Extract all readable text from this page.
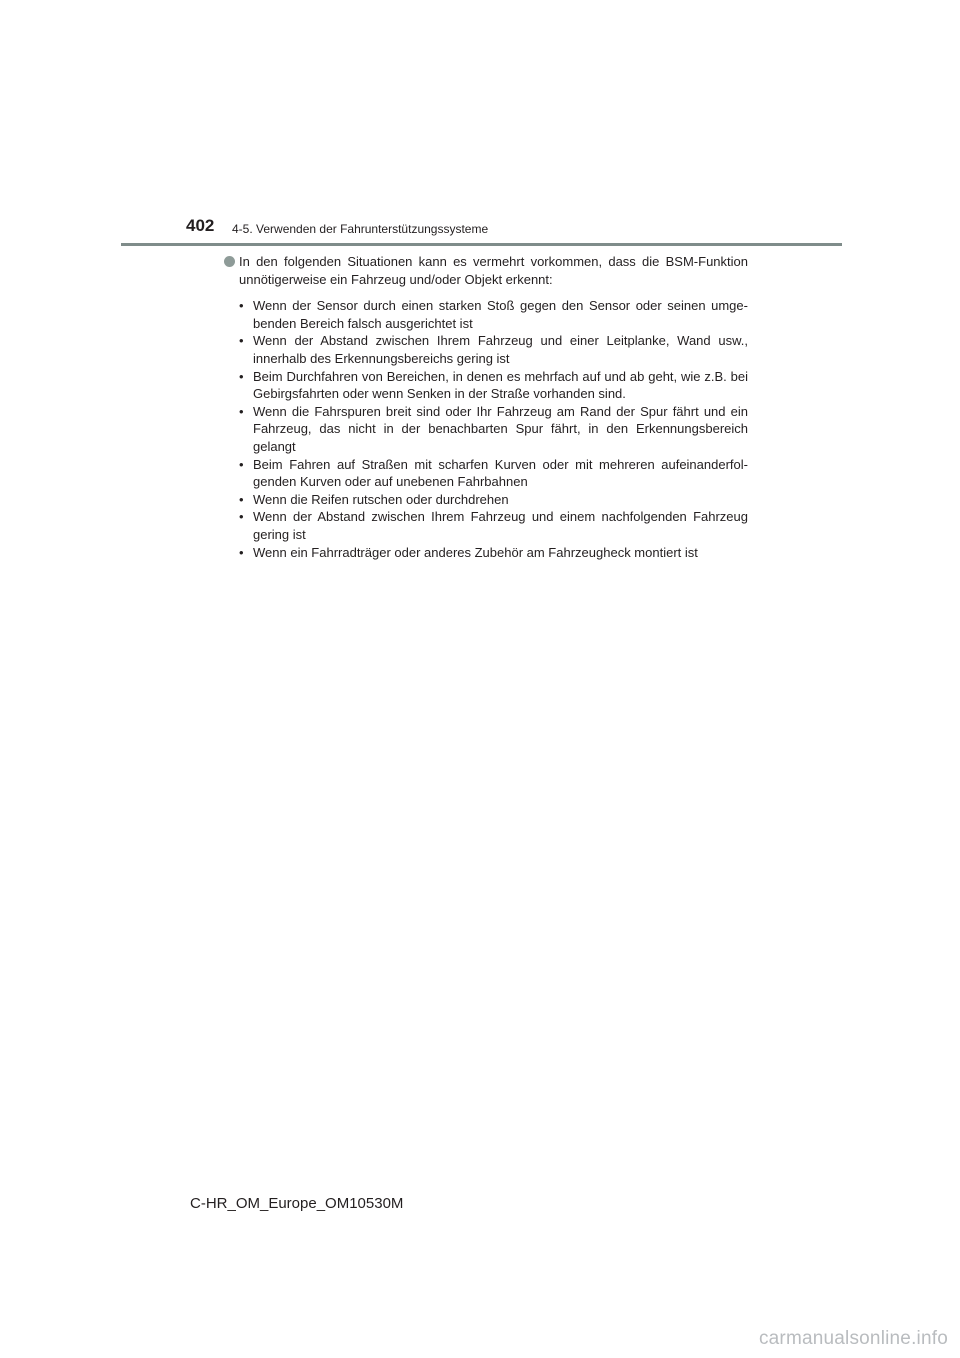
402 4-5. Verwenden der Fahrunterstützungssysteme
In den folgenden Situationen kann es vermehrt vorkommen, dass die BSM-Funktion unnötigerweise ein Fahrzeug und/oder Objekt erkennt:
• Wenn der Sensor durch einen starken Stoß gegen den Sensor oder seinen umgebenden Bereich falsch ausgerichtet ist
• Wenn der Abstand zwischen Ihrem Fahrzeug und einer Leitplanke, Wand usw., innerhalb des Erkennungsbereichs gering ist
• Beim Durchfahren von Bereichen, in denen es mehrfach auf und ab geht, wie z.B. bei Gebirgsfahrten oder wenn Senken in der Straße vorhanden sind.
• Wenn die Fahrspuren breit sind oder Ihr Fahrzeug am Rand der Spur fährt und ein Fahrzeug, das nicht in der benachbarten Spur fährt, in den Erkennungsbereich gelangt
• Beim Fahren auf Straßen mit scharfen Kurven oder mit mehreren aufeinanderfolgenden Kurven oder auf unebenen Fahrbahnen
• Wenn die Reifen rutschen oder durchdrehen
• Wenn der Abstand zwischen Ihrem Fahrzeug und einem nachfolgenden Fahrzeug gering ist
• Wenn ein Fahrradträger oder anderes Zubehör am Fahrzeugheck montiert ist
C-HR_OM_Europe_OM10530M
carmanualsonline.info
